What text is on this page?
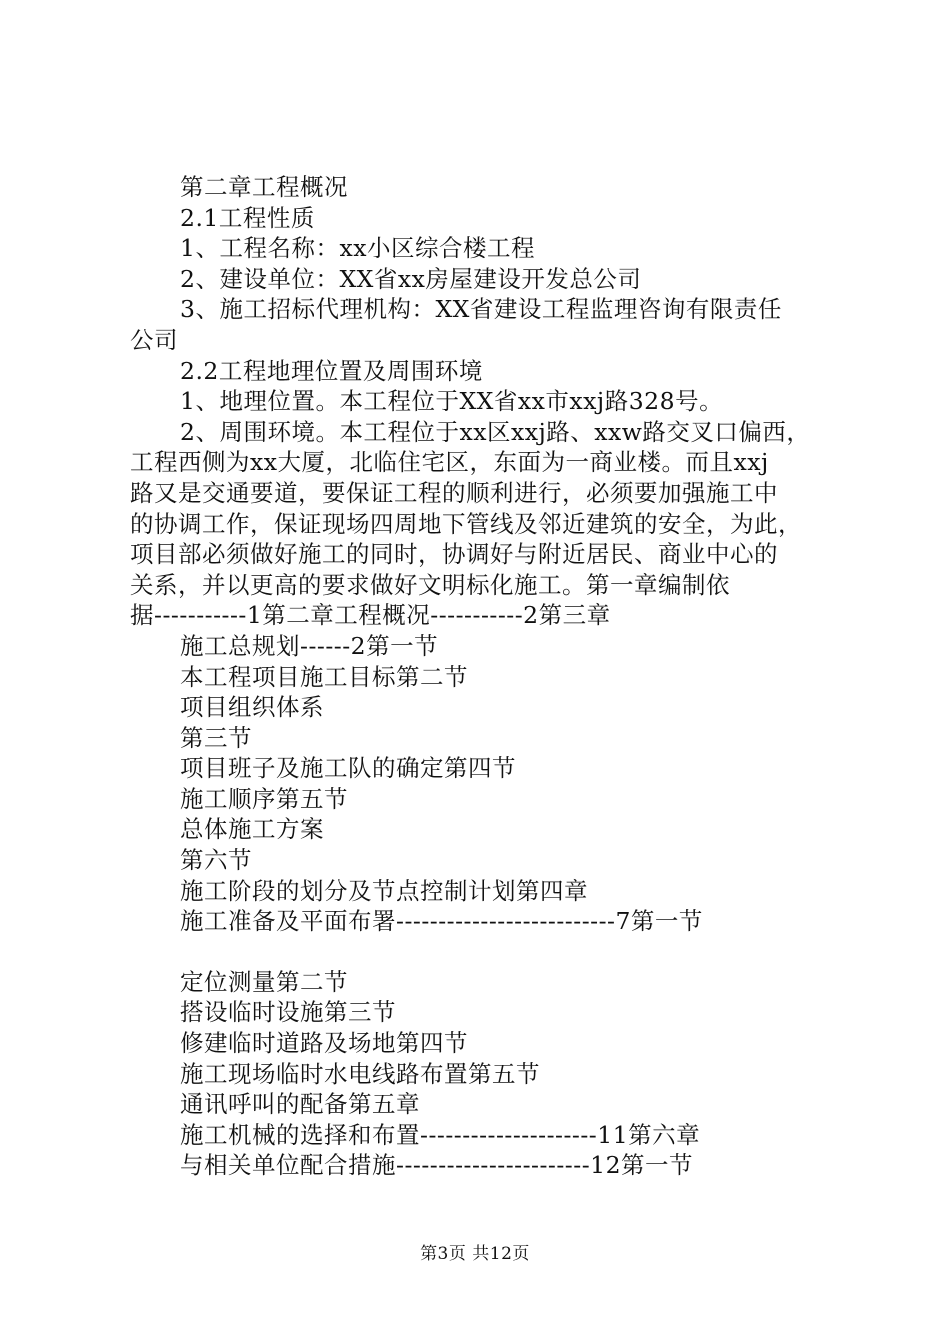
第二章工程概况

2.1工程性质

1、工程名称：xx小区综合楼工程

2、建设单位：XX省xx房屋建设开发总公司

3、施工招标代理机构：XX省建设工程监理咨询有限责任

公司

2.2工程地理位置及周围环境

1、地理位置。本工程位于XX省xx市xxj路328号。

2、周围环境。本工程位于xx区xxj路、xxw路交叉口偏西，

工程西侧为xx大厦，北临住宅区，东面为一商业楼。而且xxj

路又是交通要道，要保证工程的顺利进行，必须要加强施工中

的协调工作，保证现场四周地下管线及邻近建筑的安全，为此，

项目部必须做好施工的同时，协调好与附近居民、商业中心的

关系，并以更高的要求做好文明标化施工。第一章编制依

据-----------1第二章工程概况-----------2第三章

施工总规划------2第一节

本工程项目施工目标第二节

项目组织体系

第三节

项目班子及施工队的确定第四节

施工顺序第五节

总体施工方案

第六节

施工阶段的划分及节点控制计划第四章

施工准备及平面布署--------------------------7第一节

定位测量第二节

搭设临时设施第三节

修建临时道路及场地第四节

施工现场临时水电线路布置第五节

通讯呼叫的配备第五章

施工机械的选择和布置---------------------11第六章

与相关单位配合措施-----------------------12第一节

第3页 共12页
